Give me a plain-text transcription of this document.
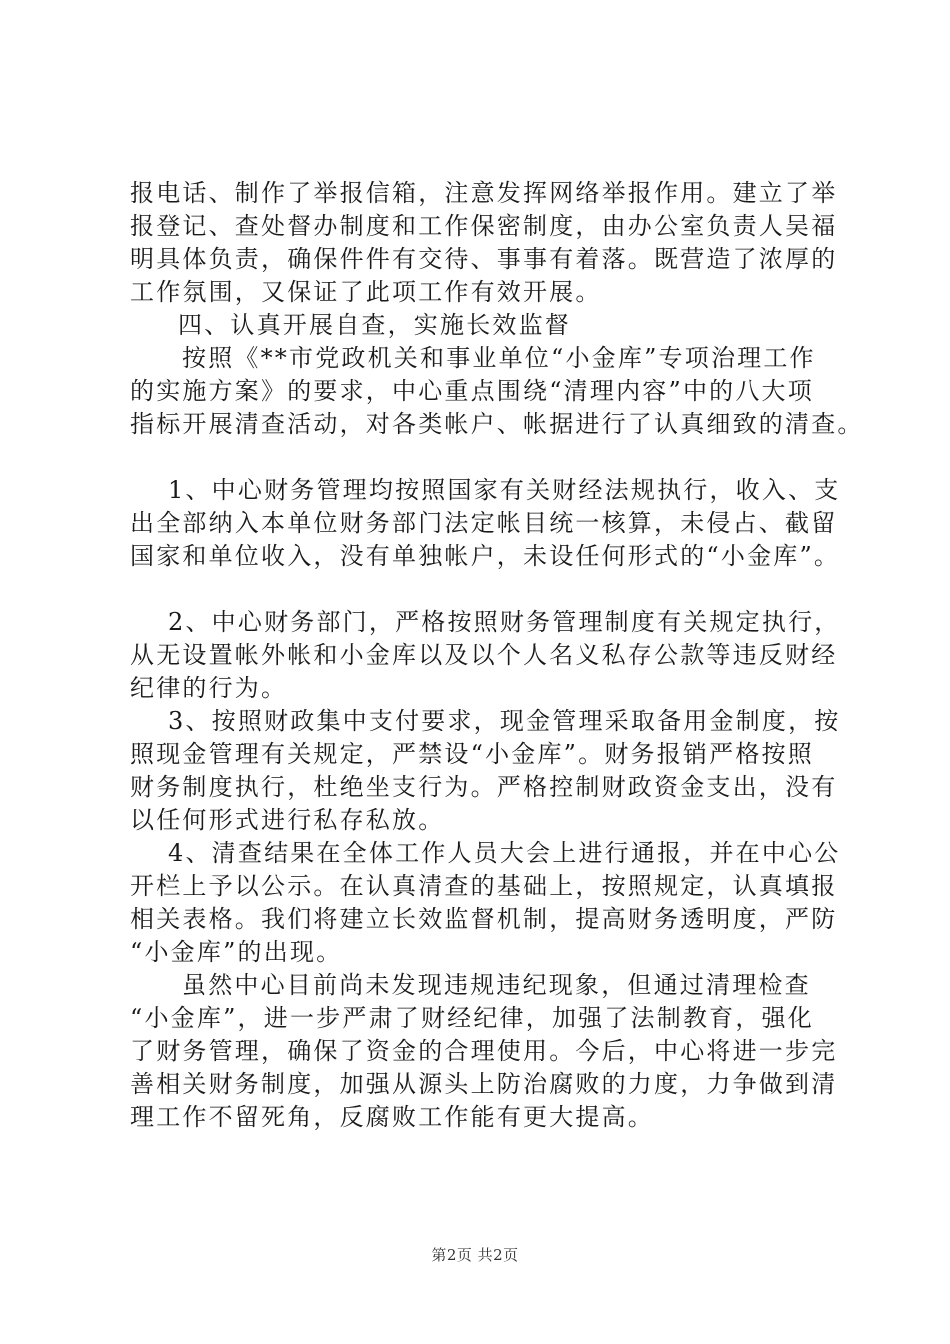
报电话、制作了举报信箱，注意发挥网络举报作用。建立了举
报登记、查处督办制度和工作保密制度，由办公室负责人吴福
明具体负责，确保件件有交待、事事有着落。既营造了浓厚的
工作氛围，又保证了此项工作有效开展。
四、认真开展自查，实施长效监督
按照《**市党政机关和事业单位“小金库”专项治理工作
的实施方案》的要求，中心重点围绕“清理内容”中的八大项
指标开展清查活动，对各类帐户、帐据进行了认真细致的清查。
1、中心财务管理均按照国家有关财经法规执行，收入、支
出全部纳入本单位财务部门法定帐目统一核算，未侵占、截留
国家和单位收入，没有单独帐户，未设任何形式的“小金库”。
2、中心财务部门，严格按照财务管理制度有关规定执行，
从无设置帐外帐和小金库以及以个人名义私存公款等违反财经
纪律的行为。
3、按照财政集中支付要求，现金管理采取备用金制度，按
照现金管理有关规定，严禁设“小金库”。财务报销严格按照
财务制度执行，杜绝坐支行为。严格控制财政资金支出，没有
以任何形式进行私存私放。
4、清查结果在全体工作人员大会上进行通报，并在中心公
开栏上予以公示。在认真清查的基础上，按照规定，认真填报
相关表格。我们将建立长效监督机制，提高财务透明度，严防
“小金库”的出现。
虽然中心目前尚未发现违规违纪现象，但通过清理检查
“小金库”，进一步严肃了财经纪律，加强了法制教育，强化
了财务管理，确保了资金的合理使用。今后，中心将进一步完
善相关财务制度，加强从源头上防治腐败的力度，力争做到清
理工作不留死角，反腐败工作能有更大提高。
第2页 共2页
